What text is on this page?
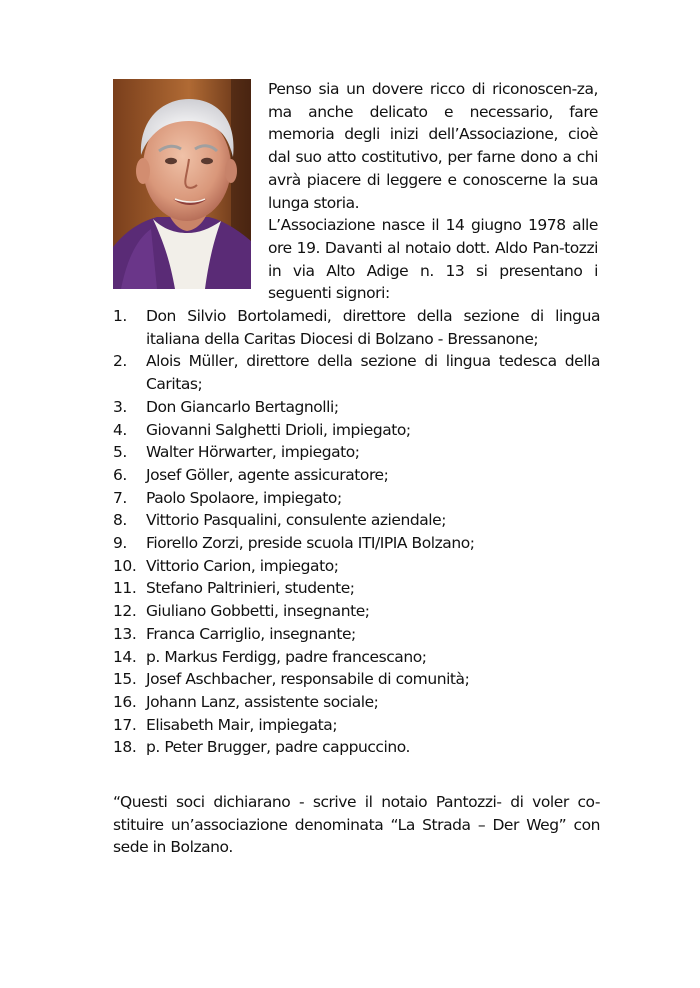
Penso sia un dovere ricco di riconoscen-za, ma anche delicato e necessario, fare memoria degli inizi dell’Associazione, cioè dal suo atto costitutivo, per farne dono a chi avrà piacere di leggere e conoscerne la sua lunga storia.

L’Associazione nasce il 14 giugno 1978 alle ore 19. Davanti al notaio dott. Aldo Pan-tozzi in via Alto Adige n. 13 si presentano i seguenti signori:

1. Don Silvio Bortolamedi, direttore della sezione di lingua italiana della Caritas Diocesi di Bolzano - Bressanone;
2. Alois Müller, direttore della sezione di lingua tedesca della Caritas;
3. Don Giancarlo Bertagnolli;
4. Giovanni Salghetti Drioli, impiegato;
5. Walter Hörwarter, impiegato;
6. Josef Göller, agente assicuratore;
7. Paolo Spolaore, impiegato;
8. Vittorio Pasqualini, consulente aziendale;
9. Fiorello Zorzi, preside scuola ITI/IPIA Bolzano;
10. Vittorio Carion, impiegato;
11. Stefano Paltrinieri, studente;
12. Giuliano Gobbetti, insegnante;
13. Franca Carriglio, insegnante;
14. p. Markus Ferdigg, padre francescano;
15. Josef Aschbacher, responsabile di comunità;
16. Johann Lanz, assistente sociale;
17. Elisabeth Mair, impiegata;
18. p. Peter Brugger, padre cappuccino.

“Questi soci dichiarano - scrive il notaio Pantozzi- di voler co-stituire un’associazione denominata “La Strada – Der Weg” con sede in Bolzano.
